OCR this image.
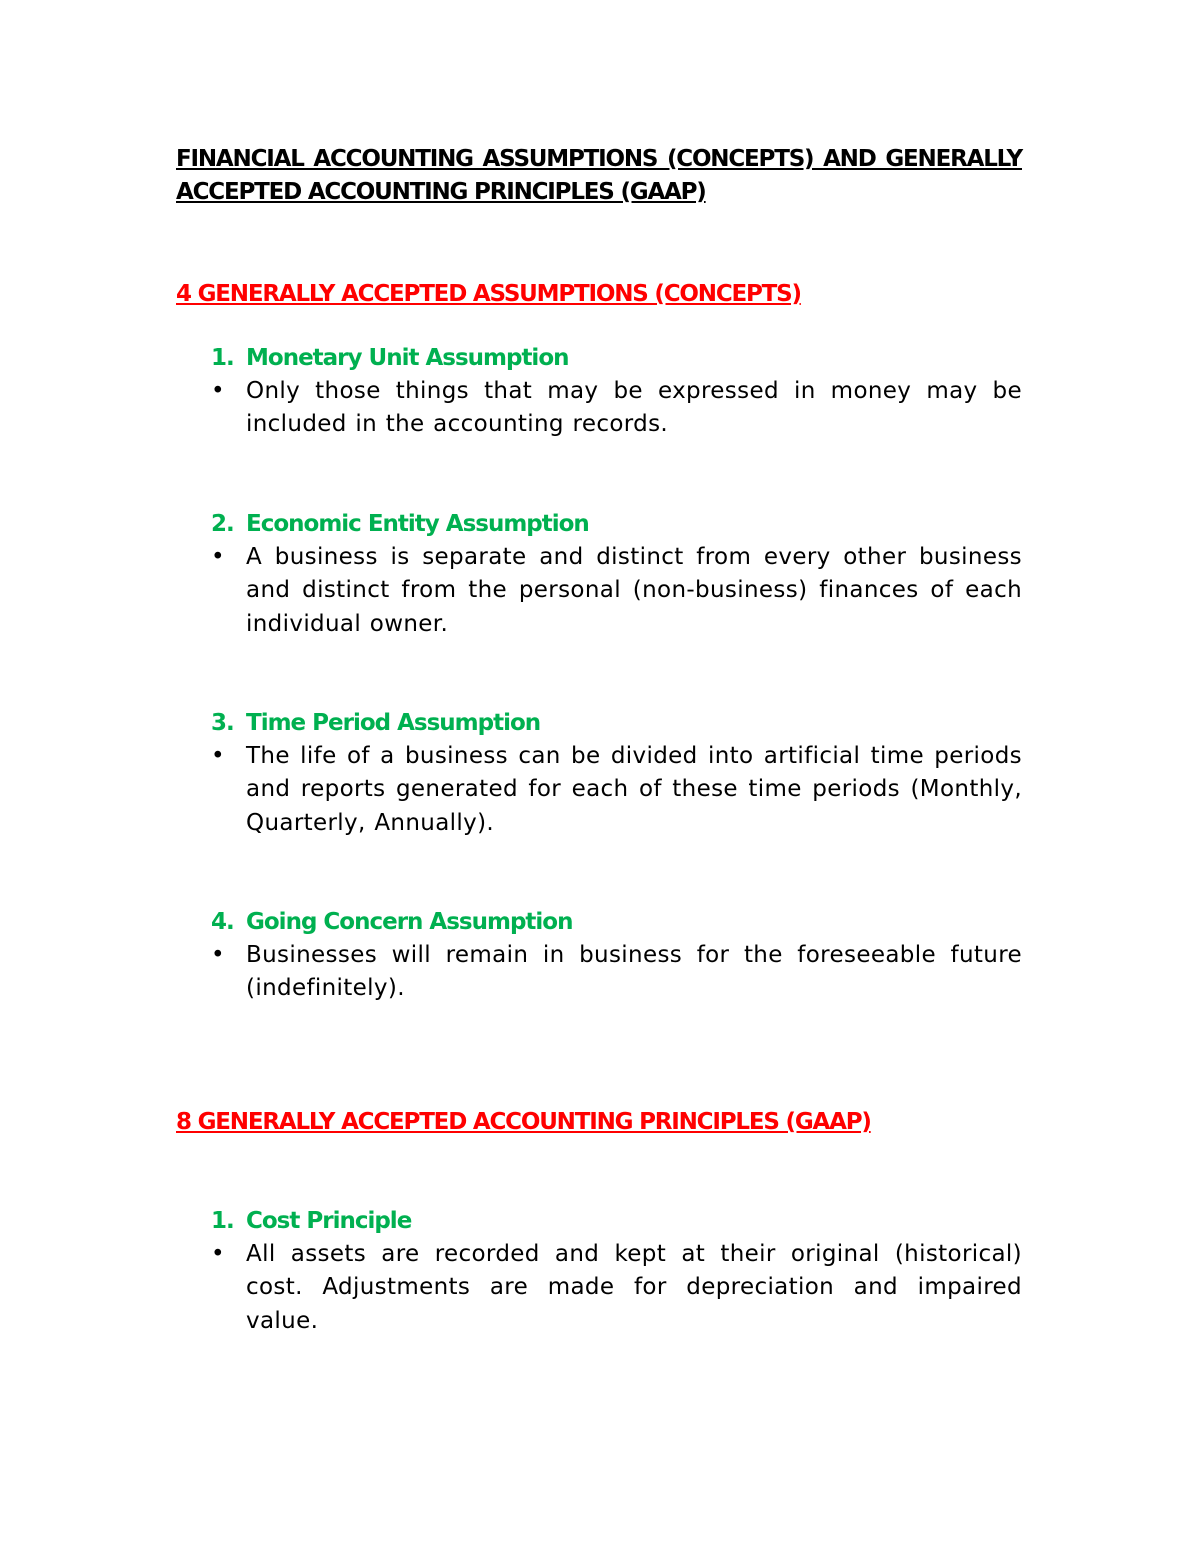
FINANCIAL ACCOUNTING ASSUMPTIONS (CONCEPTS) AND GENERALLY ACCEPTED ACCOUNTING PRINCIPLES (GAAP)
4 GENERALLY ACCEPTED ASSUMPTIONS (CONCEPTS)

1. Monetary Unit Assumption

• Only those things that may be expressed in money may be included in the accounting records.

2. Economic Entity Assumption

• A business is separate and distinct from every other business and distinct from the personal (non-business) finances of each individual owner.

3. Time Period Assumption

• The life of a business can be divided into artificial time periods and reports generated for each of these time periods (Monthly, Quarterly, Annually).

4. Going Concern Assumption

• Businesses will remain in business for the foreseeable future (indefinitely).

8 GENERALLY ACCEPTED ACCOUNTING PRINCIPLES (GAAP)

1. Cost Principle

• All assets are recorded and kept at their original (historical) cost. Adjustments are made for depreciation and impaired value.
